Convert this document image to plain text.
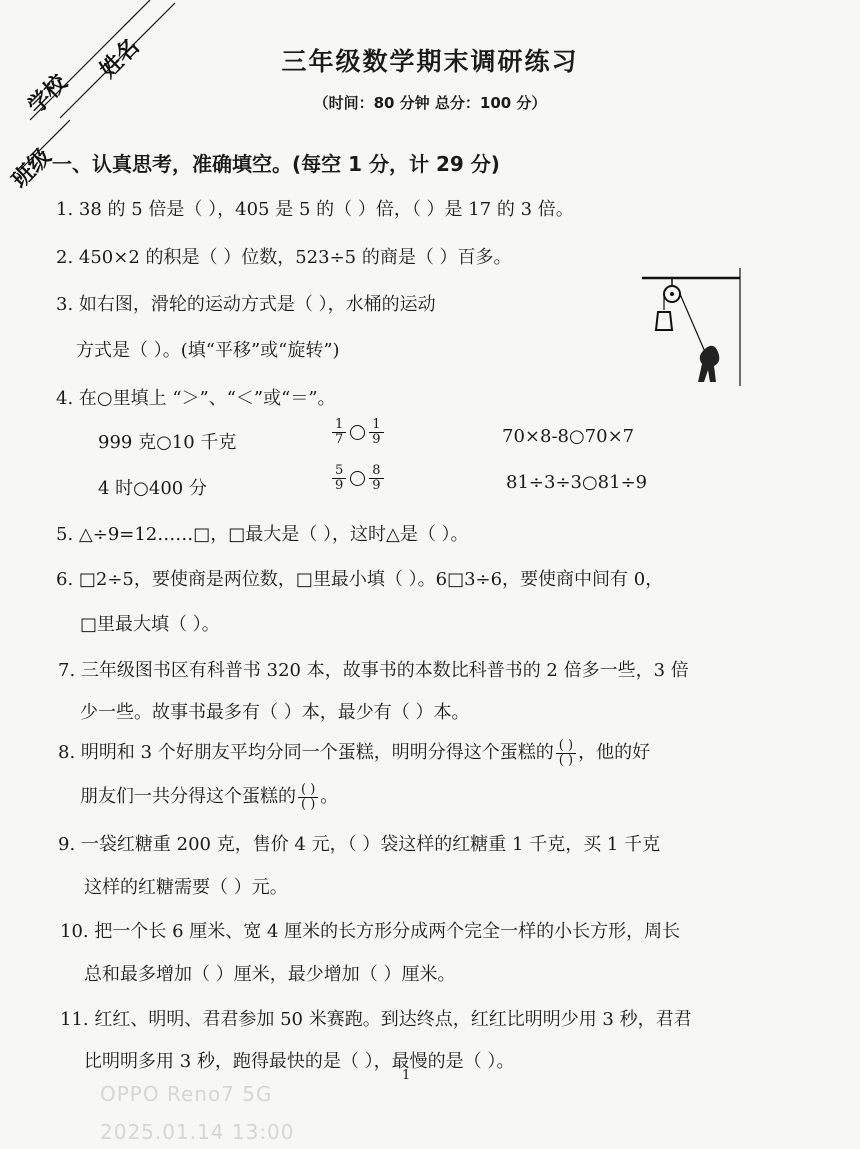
学校
姓名
班级
三年级数学期末调研练习
（时间：80 分钟 总分：100 分）
一、认真思考，准确填空。(每空 1 分，计 29 分)
1. 38 的 5 倍是（ ），405 是 5 的（ ）倍，（ ）是 17 的 3 倍。
2. 450×2 的积是（ ）位数，523÷5 的商是（ ）百多。
3. 如右图，滑轮的运动方式是（ ），水桶的运动
方式是（ ）。(填“平移”或“旋转”)
4. 在○里填上 “＞”、“＜”或“＝”。
999 克○10 千克	$\frac{1}{7} \frac{1}{9}$	70×8-8○70×7
4 时○400 分	$\frac{5}{9} \frac{8}{9}$	81÷3÷3○81÷9
5. △÷9=12……□，□最大是（ ），这时△是（ ）。
6. □2÷5，要使商是两位数，□里最小填（ ）。6□3÷6，要使商中间有 0，
□里最大填（ ）。
7. 三年级图书区有科普书 320 本，故事书的本数比科普书的 2 倍多一些，3 倍
少一些。故事书最多有（ ）本，最少有（ ）本。
8. 明明和 3 个好朋友平均分同一个蛋糕，明明分得这个蛋糕的 $\frac{( )}{( )}$ ，他的好
朋友们一共分得这个蛋糕的 $\frac{( )}{( )}$ 。
9. 一袋红糖重 200 克，售价 4 元，（ ）袋这样的红糖重 1 千克，买 1 千克
这样的红糖需要（ ）元。
10. 把一个长 6 厘米、宽 4 厘米的长方形分成两个完全一样的小长方形，周长
总和最多增加（ ）厘米，最少增加（ ）厘米。
11. 红红、明明、君君参加 50 米赛跑。到达终点，红红比明明少用 3 秒，君君
比明明多用 3 秒，跑得最快的是（ ），最慢的是（ ）。
1
OPPO Reno7 5G
2025.01.14 13:00
